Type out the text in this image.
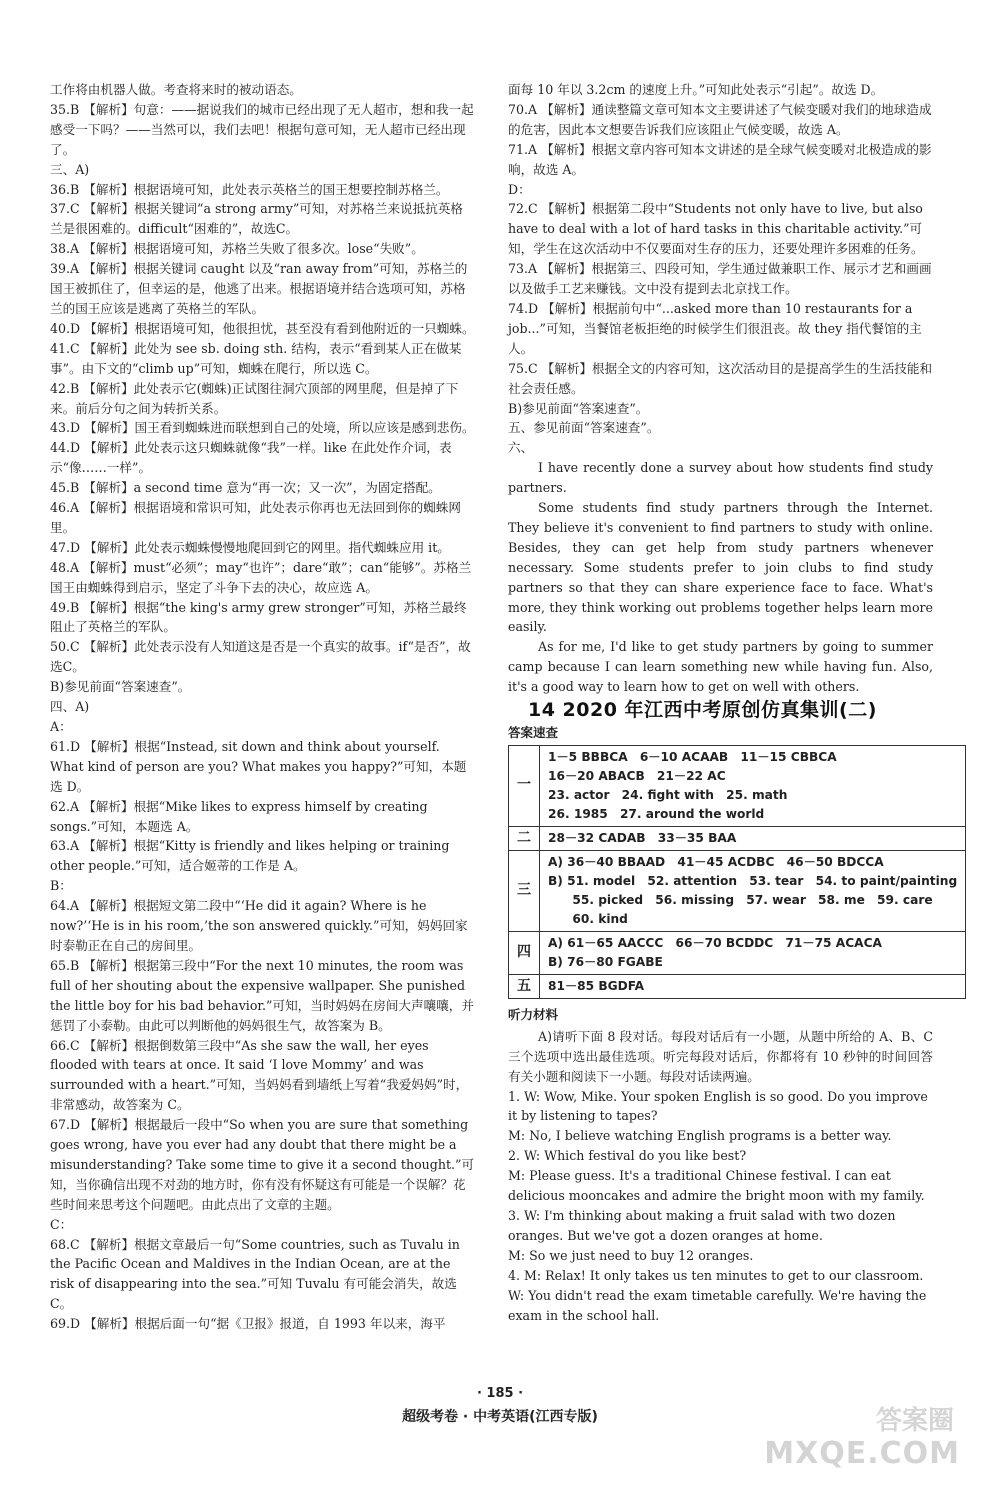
工作将由机器人做。考查将来时的被动语态。

35.B 【解析】句意：——据说我们的城市已经出现了无人超市，想和我一起感受一下吗？——当然可以，我们去吧！根据句意可知，无人超市已经出现了。

三、A)

36.B 【解析】根据语境可知，此处表示英格兰的国王想要控制苏格兰。

37.C 【解析】根据关键词“a strong army”可知，对苏格兰来说抵抗英格兰是很困难的。difficult“困难的”，故选C。

38.A 【解析】根据语境可知，苏格兰失败了很多次。lose“失败”。

39.A 【解析】根据关键词 caught 以及“ran away from”可知，苏格兰的国王被抓住了，但幸运的是，他逃了出来。根据语境并结合选项可知，苏格兰的国王应该是逃离了英格兰的军队。

40.D 【解析】根据语境可知，他很担忧，甚至没有看到他附近的一只蜘蛛。

41.C 【解析】此处为 see sb. doing sth. 结构，表示“看到某人正在做某事”。由下文的“climb up”可知，蜘蛛在爬行，所以选 C。

42.B 【解析】此处表示它(蜘蛛)正试图往洞穴顶部的网里爬，但是掉了下来。前后分句之间为转折关系。

43.D 【解析】国王看到蜘蛛进而联想到自己的处境，所以应该是感到悲伤。

44.D 【解析】此处表示这只蜘蛛就像“我”一样。like 在此处作介词，表示“像……一样”。

45.B 【解析】a second time 意为“再一次；又一次”，为固定搭配。

46.A 【解析】根据语境和常识可知，此处表示你再也无法回到你的蜘蛛网里。

47.D 【解析】此处表示蜘蛛慢慢地爬回到它的网里。指代蜘蛛应用 it。

48.A 【解析】must“必须”；may“也许”；dare“敢”；can“能够”。苏格兰国王由蜘蛛得到启示，坚定了斗争下去的决心，故应选 A。

49.B 【解析】根据“the king's army grew stronger”可知，苏格兰最终阻止了英格兰的军队。

50.C 【解析】此处表示没有人知道这是否是一个真实的故事。if“是否”，故选C。

B)参见前面“答案速查”。

四、A)

A：

61.D 【解析】根据“Instead, sit down and think about yourself. What kind of person are you? What makes you happy?”可知，本题选 D。

62.A 【解析】根据“Mike likes to express himself by creating songs.”可知，本题选 A。

63.A 【解析】根据“Kitty is friendly and likes helping or training other people.”可知，适合姬蒂的工作是 A。

B：

64.A 【解析】根据短文第二段中“‘He did it again? Where is he now?’‘He is in his room,’the son answered quickly.”可知，妈妈回家时泰勒正在自己的房间里。

65.B 【解析】根据第三段中“For the next 10 minutes, the room was full of her shouting about the expensive wallpaper. She punished the little boy for his bad behavior.”可知，当时妈妈在房间大声嚷嚷，并惩罚了小泰勒。由此可以判断他的妈妈很生气，故答案为 B。

66.C 【解析】根据倒数第三段中“As she saw the wall, her eyes flooded with tears at once. It said ‘I love Mommy’ and was surrounded with a heart.”可知，当妈妈看到墙纸上写着“我爱妈妈”时，非常感动，故答案为 C。

67.D 【解析】根据最后一段中“So when you are sure that something goes wrong, have you ever had any doubt that there might be a misunderstanding? Take some time to give it a second thought.”可知，当你确信出现不对劲的地方时，你有没有怀疑这有可能是一个误解？花些时间来思考这个问题吧。由此点出了文章的主题。

C：

68.C 【解析】根据文章最后一句“Some countries, such as Tuvalu in the Pacific Ocean and Maldives in the Indian Ocean, are at the risk of disappearing into the sea.”可知 Tuvalu 有可能会消失，故选 C。

69.D 【解析】根据后面一句“据《卫报》报道，自 1993 年以来，海平

面每 10 年以 3.2cm 的速度上升。”可知此处表示“引起”。故选 D。

70.A 【解析】通读整篇文章可知本文主要讲述了气候变暖对我们的地球造成的危害，因此本文想要告诉我们应该阻止气候变暖，故选 A。

71.A 【解析】根据文章内容可知本文讲述的是全球气候变暖对北极造成的影响，故选 A。

D：

72.C 【解析】根据第二段中“Students not only have to live, but also have to deal with a lot of hard tasks in this charitable activity.”可知，学生在这次活动中不仅要面对生存的压力，还要处理许多困难的任务。

73.A 【解析】根据第三、四段可知，学生通过做兼职工作、展示才艺和画画以及做手工艺来赚钱。文中没有提到去北京找工作。

74.D 【解析】根据前句中“...asked more than 10 restaurants for a job...”可知，当餐馆老板拒绝的时候学生们很沮丧。故 they 指代餐馆的主人。

75.C 【解析】根据全文的内容可知，这次活动目的是提高学生的生活技能和社会责任感。

B)参见前面“答案速查”。

五、参见前面“答案速查”。

六、

I have recently done a survey about how students find study partners.

Some students find study partners through the Internet. They believe it's convenient to find partners to study with online. Besides, they can get help from study partners whenever necessary. Some students prefer to join clubs to find study partners so that they can share experience face to face. What's more, they think working out problems together helps learn more easily.

As for me, I'd like to get study partners by going to summer camp because I can learn something new while having fun. Also, it's a good way to learn how to get on well with others.

14 2020 年江西中考原创仿真集训(二)
答案速查
一	1－5 BBBCA　6－10 ACAAB　11－15 CBBCA
16－20 ABACB　21－22 AC
23. actor　24. fight with　25. math
26. 1985　27. around the world

二	28－32 CADAB　33－35 BAA

三	A) 36－40 BBAAD　41－45 ACDBC　46－50 BDCCA
B) 51. model　52. attention　53. tear　54. to paint/painting
　　55. picked　56. missing　57. wear　58. me　59. care
　　60. kind

四	A) 61－65 AACCC　66－70 BCDDC　71－75 ACACA
B) 76－80 FGABE

五	81－85 BGDFA
听力材料

A)请听下面 8 段对话。每段对话后有一小题，从题中所给的 A、B、C 三个选项中选出最佳选项。听完每段对话后，你都将有 10 秒钟的时间回答有关小题和阅读下一小题。每段对话读两遍。

1. W: Wow, Mike. Your spoken English is so good. Do you improve it by listening to tapes?

M: No, I believe watching English programs is a better way.

2. W: Which festival do you like best?

M: Please guess. It's a traditional Chinese festival. I can eat delicious mooncakes and admire the bright moon with my family.

3. W: I'm thinking about making a fruit salad with two dozen oranges. But we've got a dozen oranges at home.

M: So we just need to buy 12 oranges.

4. M: Relax! It only takes us ten minutes to get to our classroom.

W: You didn't read the exam timetable carefully. We're having the exam in the school hall.

· 185 ·
超级考卷 · 中考英语(江西专版)	答案圈
MXQE.COM
